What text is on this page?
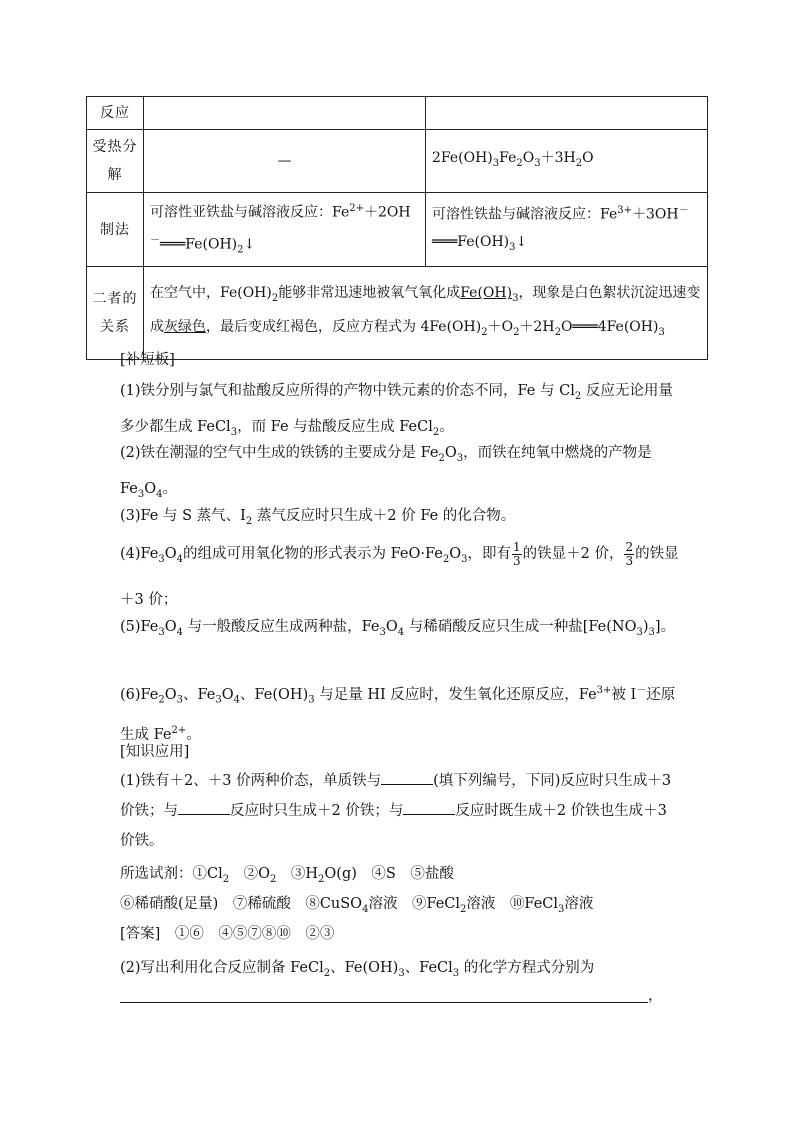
反应		
受热分解	—	$2Fe(OH)_3Fe_2O_3+3H_2O$
制法	可溶性亚铁盐与碱溶液反应：$Fe^{2+}+2OH^-═══Fe(OH)_2↓$	可溶性铁盐与碱溶液反应：$Fe^{3+}+3OH^-═══Fe(OH)_3↓$
二者的关系	在空气中，$Fe(OH)_2$能够非常迅速地被氧气氧化成$Fe(OH)_3$，现象是白色絮状沉淀迅速变成灰绿色，最后变成红褐色，反应方程式为 $4Fe(OH)_2+O_2+2H_2O═══4Fe(OH)_3$
[补短板]
(1)铁分别与氯气和盐酸反应所得的产物中铁元素的价态不同，Fe 与 $Cl_2$ 反应无论用量多少都生成 FeCl$_3$，而 Fe 与盐酸反应生成 FeCl$_2$。
(2)铁在潮湿的空气中生成的铁锈的主要成分是 $Fe_2O_3$，而铁在纯氧中燃烧的产物是 $Fe_3O_4$。
(3)Fe 与 S 蒸气、$I_2$ 蒸气反应时只生成＋2 价 Fe 的化合物。
$(4)Fe_3O_4$的组成可用氧化物的形式表示为 $FeO\cdot Fe_2O_3$，即有 $\frac{1}{3}$ 的铁显＋2 价， $\frac{2}{3}$ 的铁显＋3 价；
$(5)Fe_3O_4$ 与一般酸反应生成两种盐，$Fe_3O_4$ 与稀硝酸反应只生成一种盐$[Fe(NO_3)_3]$。
$(6)Fe_2O_3$、$Fe_3O_4$、$Fe(OH)_3$ 与足量 HI 反应时，发生氧化还原反应，$Fe^{3+}$被 I－还原生成 $Fe^{2+}$。
[知识应用]
(1)铁有＋2、＋3 价两种价态，单质铁与	(填下列编号，下同)反应时只生成＋3 价铁；与	反应时只生成＋2 价铁；与	反应时既生成＋2 价铁也生成＋3 价铁。
所选试剂：$①Cl_2$　$②O_2$　$③H_2O(g)$　④S　⑤盐酸
⑥稀硝酸(足量)　⑦稀硫酸　⑧CuSO$_4$溶液　⑨FeCl$_2$溶液　⑩FeCl$_3$溶液
[答案]　 ①⑥　④⑤⑦⑧⑩　②③
(2)写出利用化合反应制备 FeCl$_2$、$Fe(OH)_3$、FeCl$_3$ 的化学方程式分别为
，
